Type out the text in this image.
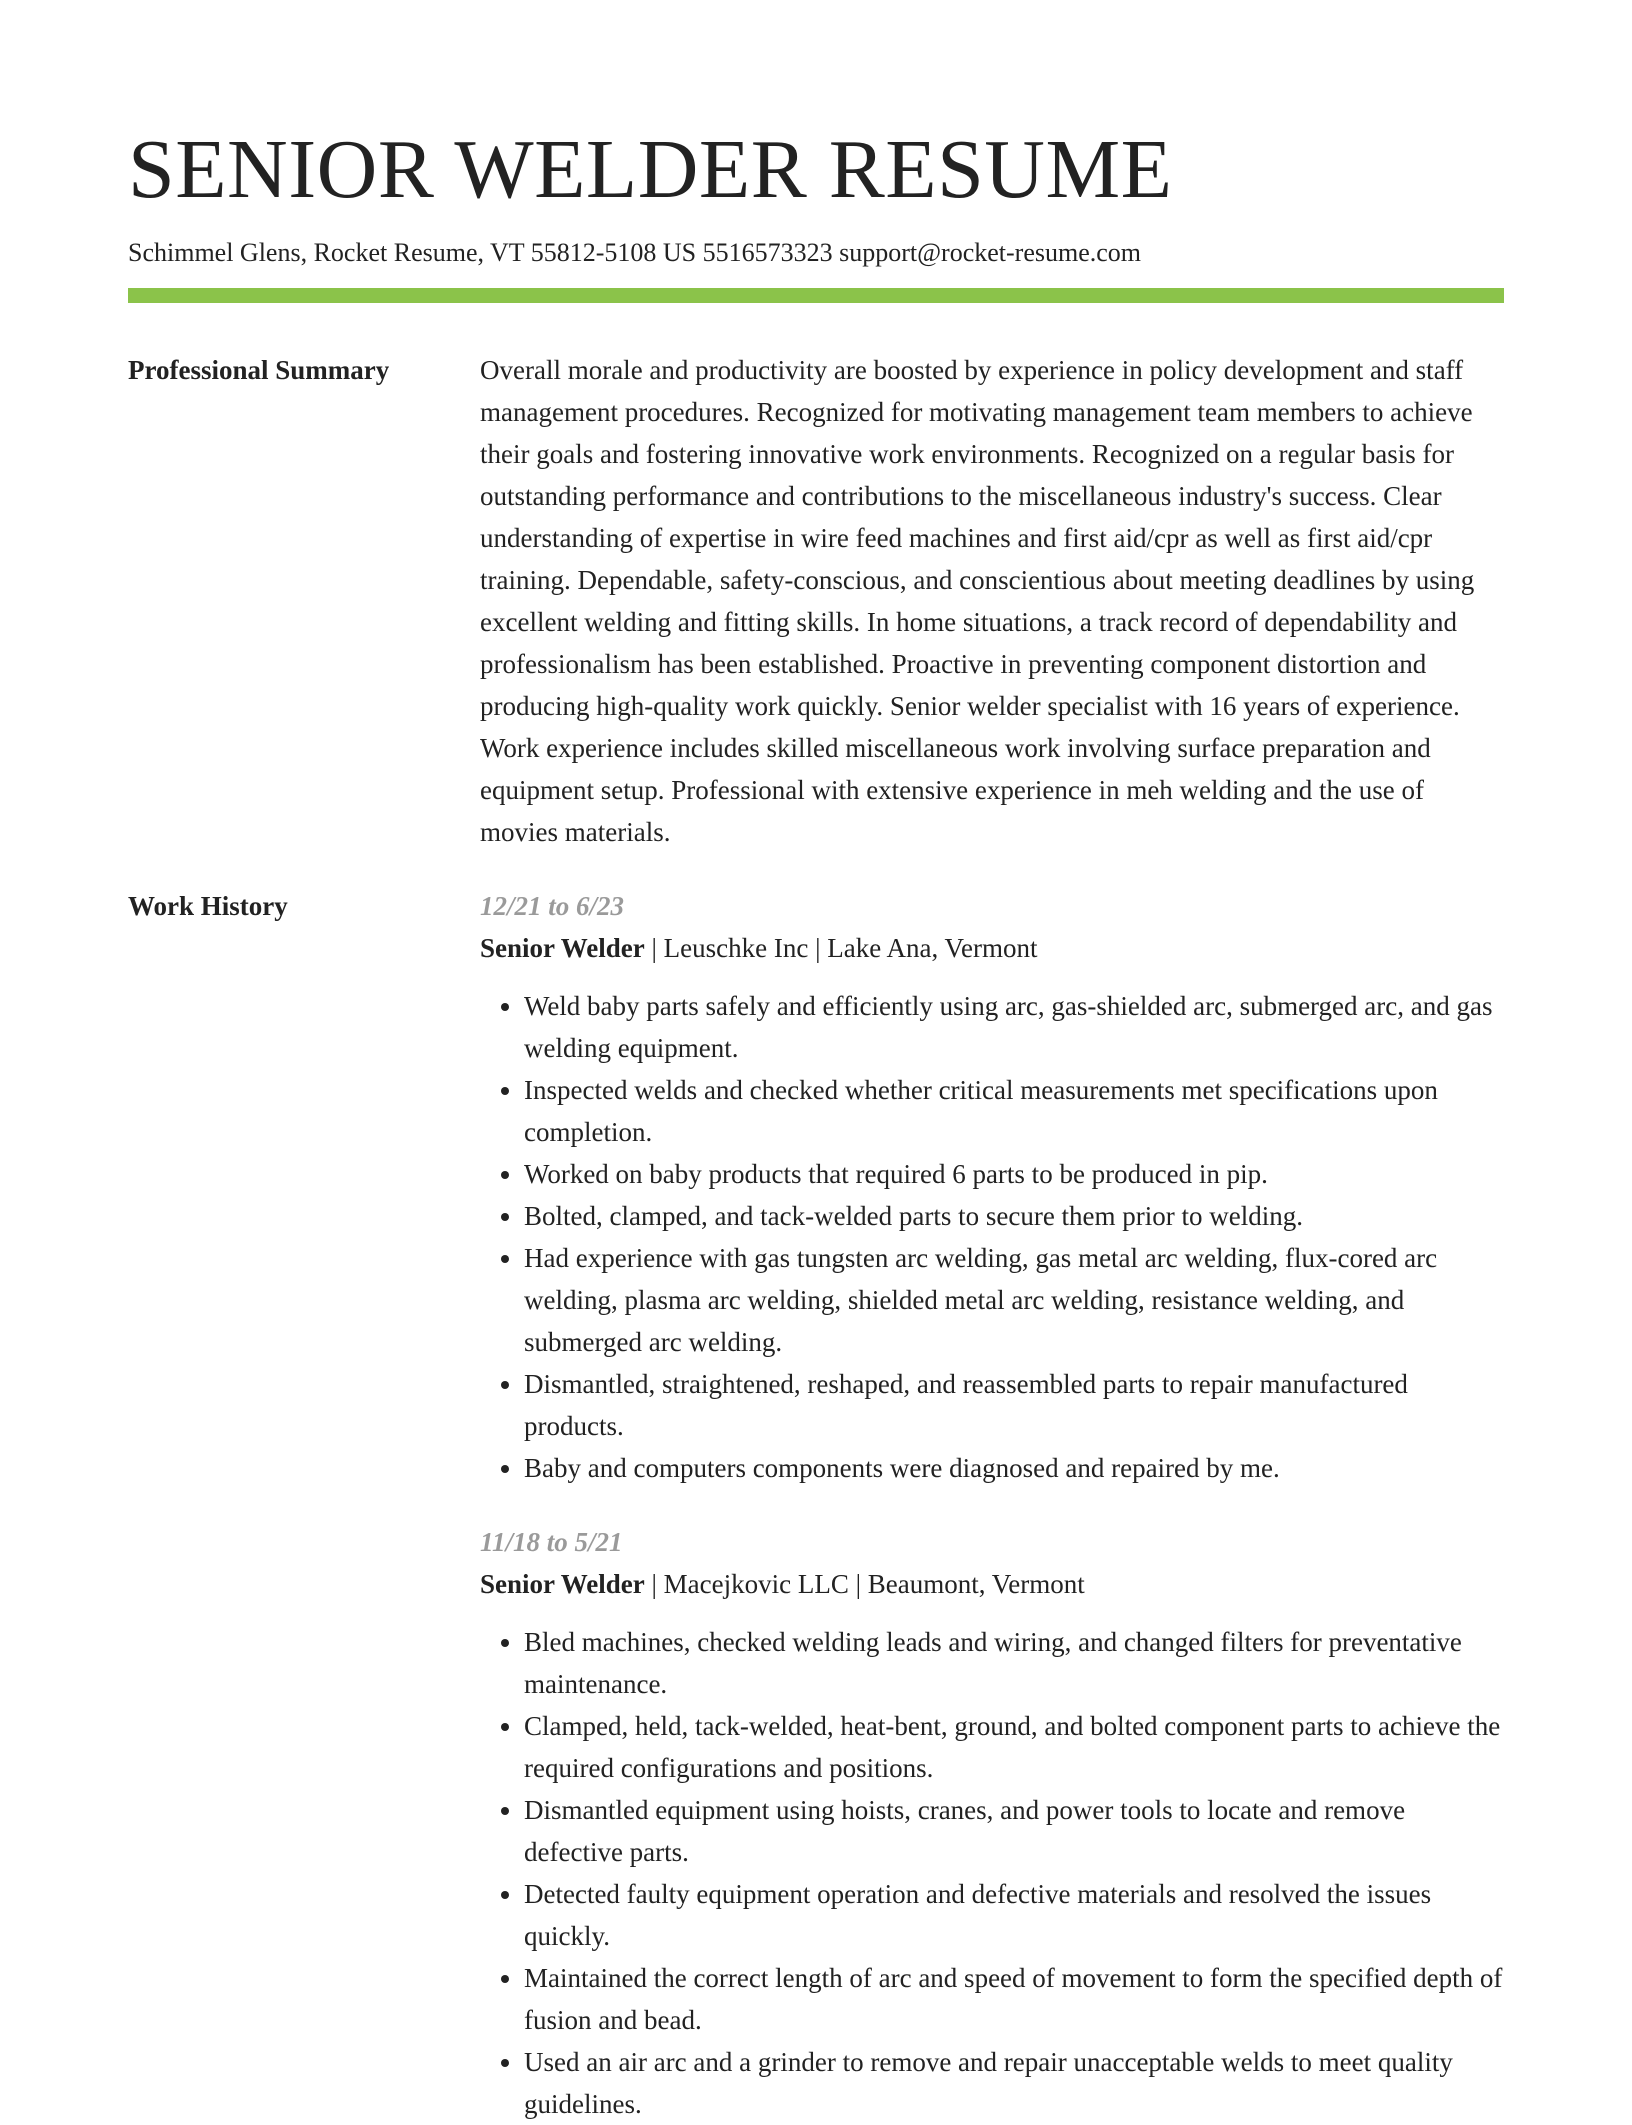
SENIOR WELDER RESUME
Schimmel Glens, Rocket Resume, VT 55812-5108 US 5516573323 support@rocket-resume.com
Professional Summary	Overall morale and productivity are boosted by experience in policy development and staff management procedures. Recognized for motivating management team members to achieve their goals and fostering innovative work environments. Recognized on a regular basis for outstanding performance and contributions to the miscellaneous industry's success. Clear understanding of expertise in wire feed machines and first aid/cpr as well as first aid/cpr training. Dependable, safety-conscious, and conscientious about meeting deadlines by using excellent welding and fitting skills. In home situations, a track record of dependability and professionalism has been established. Proactive in preventing component distortion and producing high-quality work quickly. Senior welder specialist with 16 years of experience. Work experience includes skilled miscellaneous work involving surface preparation and equipment setup. Professional with extensive experience in meh welding and the use of movies materials.
Work History	12/21 to 6/23
Senior Welder | Leuschke Inc | Lake Ana, Vermont
• Weld baby parts safely and efficiently using arc, gas-shielded arc, submerged arc, and gas welding equipment.
• Inspected welds and checked whether critical measurements met specifications upon completion.
• Worked on baby products that required 6 parts to be produced in pip.
• Bolted, clamped, and tack-welded parts to secure them prior to welding.
• Had experience with gas tungsten arc welding, gas metal arc welding, flux-cored arc welding, plasma arc welding, shielded metal arc welding, resistance welding, and submerged arc welding.
• Dismantled, straightened, reshaped, and reassembled parts to repair manufactured products.
• Baby and computers components were diagnosed and repaired by me.
11/18 to 5/21
Senior Welder | Macejkovic LLC | Beaumont, Vermont
• Bled machines, checked welding leads and wiring, and changed filters for preventative maintenance.
• Clamped, held, tack-welded, heat-bent, ground, and bolted component parts to achieve the required configurations and positions.
• Dismantled equipment using hoists, cranes, and power tools to locate and remove defective parts.
• Detected faulty equipment operation and defective materials and resolved the issues quickly.
• Maintained the correct length of arc and speed of movement to form the specified depth of fusion and bead.
• Used an air arc and a grinder to remove and repair unacceptable welds to meet quality guidelines.
